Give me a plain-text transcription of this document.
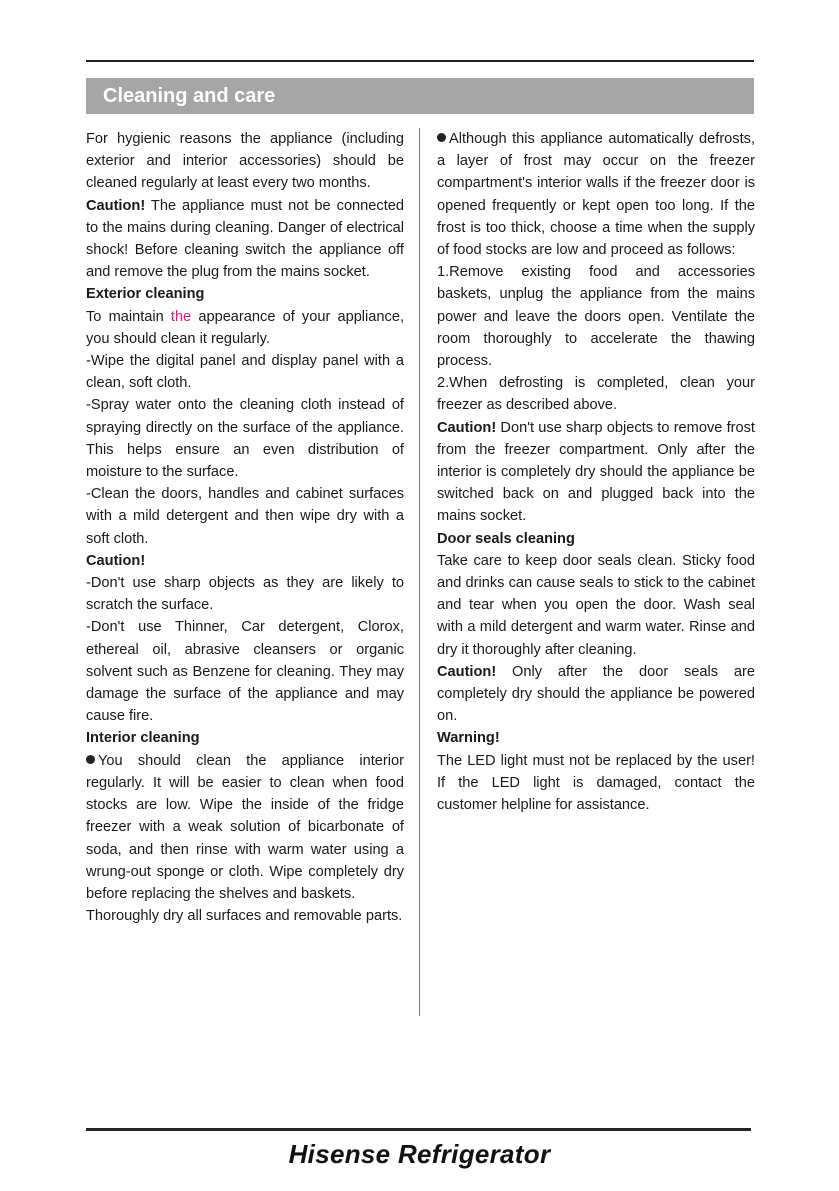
Cleaning and care

For hygienic reasons the appliance (including exterior and interior accessories) should be cleaned regularly at least every two months.

Caution! The appliance must not be connected to the mains during cleaning. Danger of electrical shock! Before cleaning switch the appliance off and remove the plug from the mains socket.

Exterior cleaning

To maintain the appearance of your appliance, you should clean it regularly.

-Wipe the digital panel and display panel with a clean, soft cloth.

-Spray water onto the cleaning cloth instead of spraying directly on the surface of the appliance. This helps ensure an even distribution of moisture to the surface.

-Clean the doors, handles and cabinet surfaces with a mild detergent and then wipe dry with a soft cloth.

Caution!

-Don't use sharp objects as they are likely to scratch the surface.

-Don't use Thinner, Car detergent, Clorox, ethereal oil, abrasive cleansers or organic solvent such as Benzene for cleaning. They may damage the surface of the appliance and may cause fire.

Interior cleaning

You should clean the appliance interior regularly. It will be easier to clean when food stocks are low. Wipe the inside of the fridge freezer with a weak solution of bicarbonate of soda, and then rinse with warm water using a wrung-out sponge or cloth. Wipe completely dry before replacing the shelves and baskets.

Thoroughly dry all surfaces and removable parts.

Although this appliance automatically defrosts, a layer of frost may occur on the freezer compartment's interior walls if the freezer door is opened frequently or kept open too long. If the frost is too thick, choose a time when the supply of food stocks are low and proceed as follows:

1.Remove existing food and accessories baskets, unplug the appliance from the mains power and leave the doors open. Ventilate the room thoroughly to accelerate the thawing process.

2.When defrosting is completed, clean your freezer as described above.

Caution! Don't use sharp objects to remove frost from the freezer compartment. Only after the interior is completely dry should the appliance be switched back on and plugged back into the mains socket.

Door seals cleaning

Take care to keep door seals clean. Sticky food and drinks can cause seals to stick to the cabinet and tear when you open the door. Wash seal with a mild detergent and warm water. Rinse and dry it thoroughly after cleaning.

Caution! Only after the door seals are completely dry should the appliance be powered on.

Warning!

The LED light must not be replaced by the user! If the LED light is damaged, contact the customer helpline for assistance.

Hisense Refrigerator
